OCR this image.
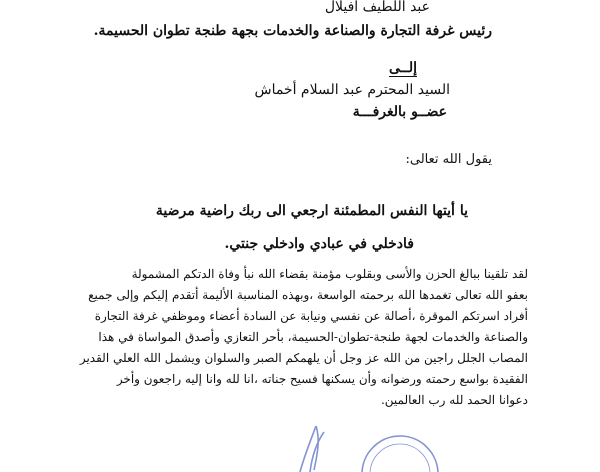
عبد اللطيف افيلال
رئيس غرفة التجارة والصناعة والخدمات بجهة طنجة تطوان الحسيمة.
إلــى
السيد المحترم عبد السلام أخماش
عضــو بالغرفـــة
يقول الله تعالى:
يا أيتها النفس المطمئنة ارجعي الى ربك راضية مرضية
فادخلي في عبادي وادخلي جنتي.
لقد تلقينا ببالغ الحزن والأسى وبقلوب مؤمنة بقضاء الله نبأ وفاة الدتكم المشمولة
بعفو الله تعالى تغمدها الله برحمته الواسعة ،وبهذه المناسبة الأليمة أتقدم إليكم وإلى جميع
أفراد اسرتكم الموقرة ،أصالة عن نفسي ونيابة عن السادة أعضاء وموظفي غرفة التجارة
والصناعة والخدمات لجهة طنجة-تطوان-الحسيمة، بأحر التعازي وأصدق المواساة في هذا
المصاب الجلل راجين من الله عز وجل أن يلهمكم الصبر والسلوان ويشمل الله العلي القدير
الفقيدة بواسع رحمته ورضوانه وأن يسكنها فسيح جناته ،انا لله وانا إليه راجعون وأخر
دعوانا الحمد لله رب العالمين.
